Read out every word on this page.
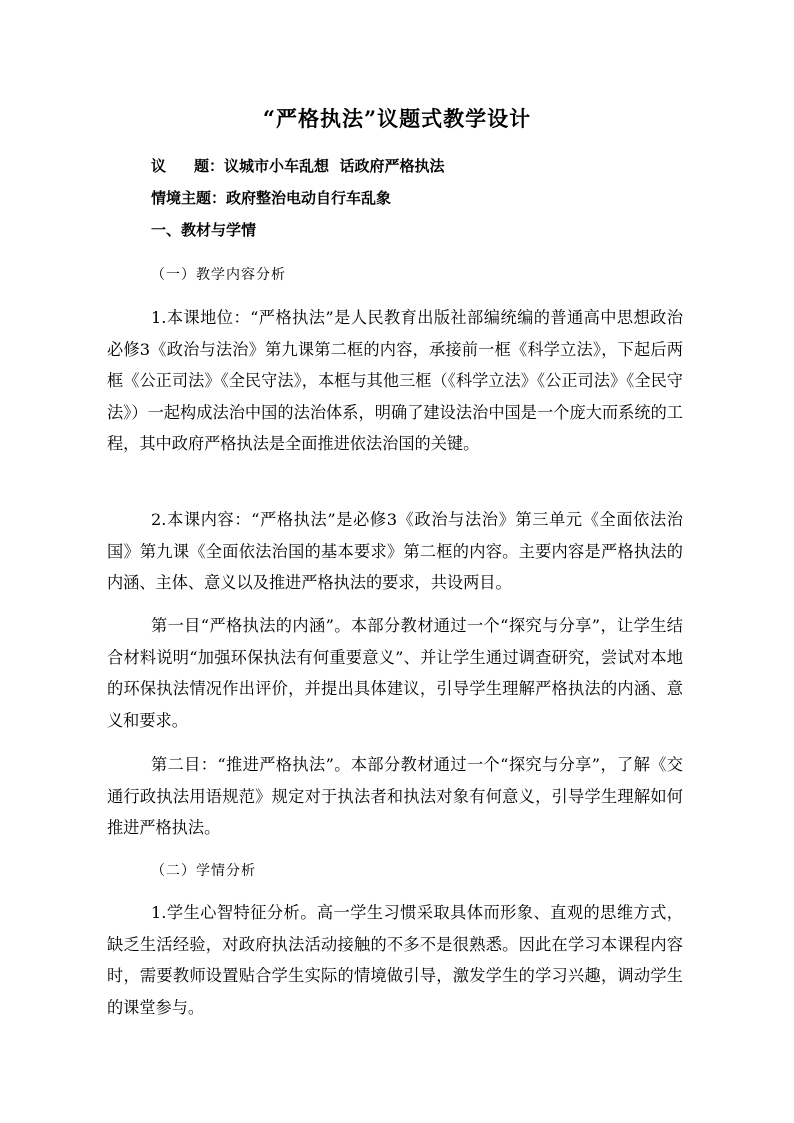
“严格执法”议题式教学设计
议题：议城市小车乱想  话政府严格执法
情境主题：政府整治电动自行车乱象
一、教材与学情
（一）教学内容分析

1.本课地位：“严格执法”是人民教育出版社部编统编的普通高中思想政治必修3《政治与法治》第九课第二框的内容，承接前一框《科学立法》，下起后两框《公正司法》《全民守法》，本框与其他三框（《科学立法》《公正司法》《全民守法》）一起构成法治中国的法治体系，明确了建设法治中国是一个庞大而系统的工程，其中政府严格执法是全面推进依法治国的关键。

2.本课内容：“严格执法”是必修3《政治与法治》第三单元《全面依法治国》第九课《全面依法治国的基本要求》第二框的内容。主要内容是严格执法的内涵、主体、意义以及推进严格执法的要求，共设两目。

第一目“严格执法的内涵”。本部分教材通过一个“探究与分享”，让学生结合材料说明“加强环保执法有何重要意义”、并让学生通过调查研究，尝试对本地的环保执法情况作出评价，并提出具体建议，引导学生理解严格执法的内涵、意义和要求。

第二目：“推进严格执法”。本部分教材通过一个“探究与分享”，了解《交通行政执法用语规范》规定对于执法者和执法对象有何意义，引导学生理解如何推进严格执法。

（二）学情分析

1.学生心智特征分析。高一学生习惯采取具体而形象、直观的思维方式，缺乏生活经验，对政府执法活动接触的不多不是很熟悉。因此在学习本课程内容时，需要教师设置贴合学生实际的情境做引导，激发学生的学习兴趣，调动学生的课堂参与。
